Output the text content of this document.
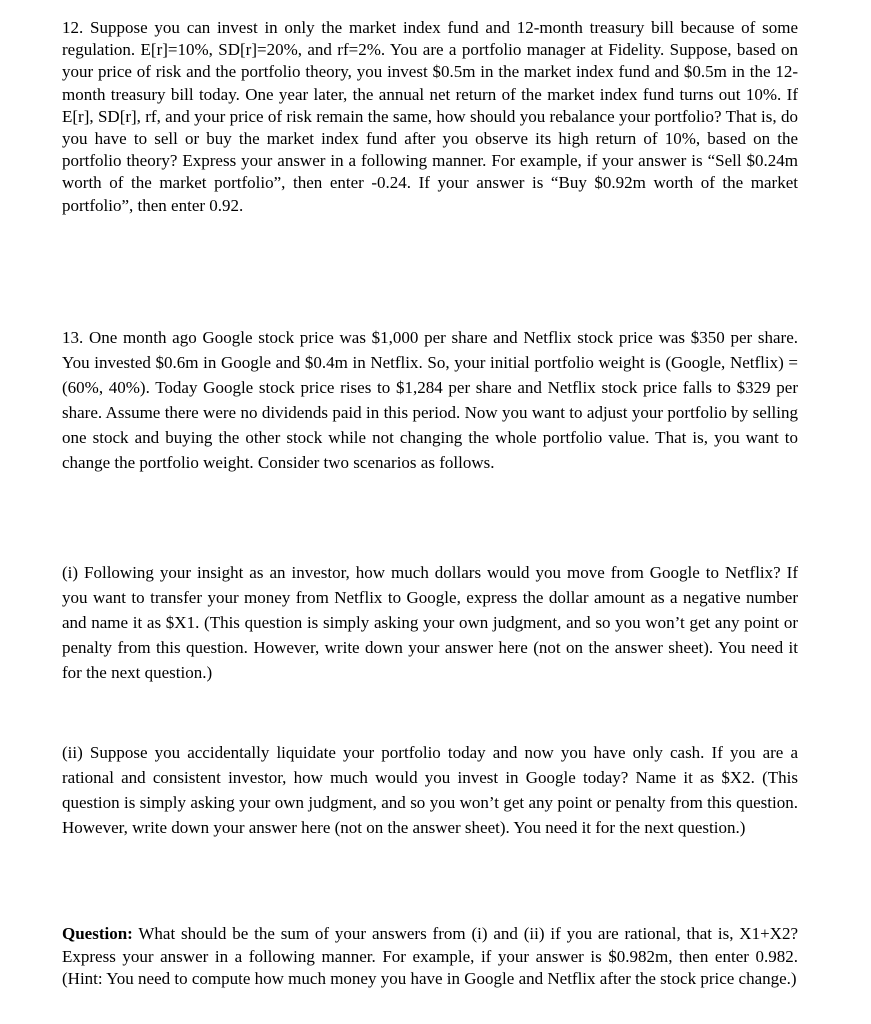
12. Suppose you can invest in only the market index fund and 12-month treasury bill because of some regulation. E[r]=10%, SD[r]=20%, and rf=2%. You are a portfolio manager at Fidelity. Suppose, based on your price of risk and the portfolio theory, you invest $0.5m in the market index fund and $0.5m in the 12-month treasury bill today. One year later, the annual net return of the market index fund turns out 10%. If E[r], SD[r], rf, and your price of risk remain the same, how should you rebalance your portfolio? That is, do you have to sell or buy the market index fund after you observe its high return of 10%, based on the portfolio theory? Express your answer in a following manner. For example, if your answer is “Sell $0.24m worth of the market portfolio”, then enter -0.24. If your answer is “Buy $0.92m worth of the market portfolio”, then enter 0.92.

13. One month ago Google stock price was $1,000 per share and Netflix stock price was $350 per share. You invested $0.6m in Google and $0.4m in Netflix. So, your initial portfolio weight is (Google, Netflix) = (60%, 40%). Today Google stock price rises to $1,284 per share and Netflix stock price falls to $329 per share. Assume there were no dividends paid in this period. Now you want to adjust your portfolio by selling one stock and buying the other stock while not changing the whole portfolio value. That is, you want to change the portfolio weight. Consider two scenarios as follows.

(i) Following your insight as an investor, how much dollars would you move from Google to Netflix? If you want to transfer your money from Netflix to Google, express the dollar amount as a negative number and name it as $X1. (This question is simply asking your own judgment, and so you won’t get any point or penalty from this question. However, write down your answer here (not on the answer sheet). You need it for the next question.)

(ii) Suppose you accidentally liquidate your portfolio today and now you have only cash. If you are a rational and consistent investor, how much would you invest in Google today? Name it as $X2. (This question is simply asking your own judgment, and so you won’t get any point or penalty from this question. However, write down your answer here (not on the answer sheet). You need it for the next question.)

Question: What should be the sum of your answers from (i) and (ii) if you are rational, that is, X1+X2? Express your answer in a following manner. For example, if your answer is $0.982m, then enter 0.982. (Hint: You need to compute how much money you have in Google and Netflix after the stock price change.)
